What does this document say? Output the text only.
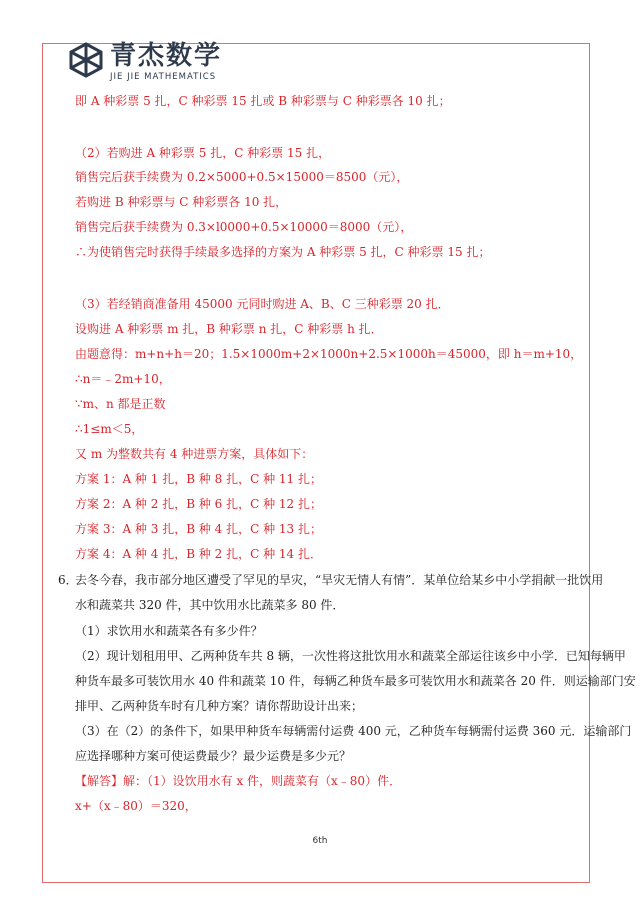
青杰数学
JIE JIE MATHEMATICS
即 A 种彩票 5 扎，C 种彩票 15 扎或 B 种彩票与 C 种彩票各 10 扎；
（2）若购进 A 种彩票 5 扎，C 种彩票 15 扎，
销售完后获手续费为 0.2×5000+0.5×15000＝8500（元），
若购进 B 种彩票与 C 种彩票各 10 扎，
销售完后获手续费为 0.3×l0000+0.5×10000＝8000（元），
∴为使销售完时获得手续最多选择的方案为 A 种彩票 5 扎，C 种彩票 15 扎；
（3）若经销商准备用 45000 元同时购进 A、B、C 三种彩票 20 扎．
设购进 A 种彩票 m 扎，B 种彩票 n 扎，C 种彩票 h 扎．
由题意得：m+n+h＝20；1.5×1000m+2×1000n+2.5×1000h＝45000，即 h＝m+10，
∴n＝﹣2m+10，
∵m、n 都是正数
∴1≤m＜5，
又 m 为整数共有 4 种进票方案，具体如下：
方案 1：A 种 1 扎，B 种 8 扎，C 种 11 扎；
方案 2：A 种 2 扎，B 种 6 扎，C 种 12 扎；
方案 3：A 种 3 扎，B 种 4 扎，C 种 13 扎；
方案 4：A 种 4 扎，B 种 2 扎，C 种 14 扎．
6．
去冬今春，我市部分地区遭受了罕见的旱灾，“旱灾无情人有情”．某单位给某乡中小学捐献一批饮用
水和蔬菜共 320 件，其中饮用水比蔬菜多 80 件．
（1）求饮用水和蔬菜各有多少件？
（2）现计划租用甲、乙两种货车共 8 辆，一次性将这批饮用水和蔬菜全部运往该乡中小学．已知每辆甲
种货车最多可装饮用水 40 件和蔬菜 10 件，每辆乙种货车最多可装饮用水和蔬菜各 20 件．则运输部门安
排甲、乙两种货车时有几种方案？请你帮助设计出来；
（3）在（2）的条件下，如果甲种货车每辆需付运费 400 元，乙种货车每辆需付运费 360 元．运输部门
应选择哪种方案可使运费最少？最少运费是多少元？
【解答】解：（1）设饮用水有 x 件，则蔬菜有（x﹣80）件．
x+（x﹣80）＝320，
6th
